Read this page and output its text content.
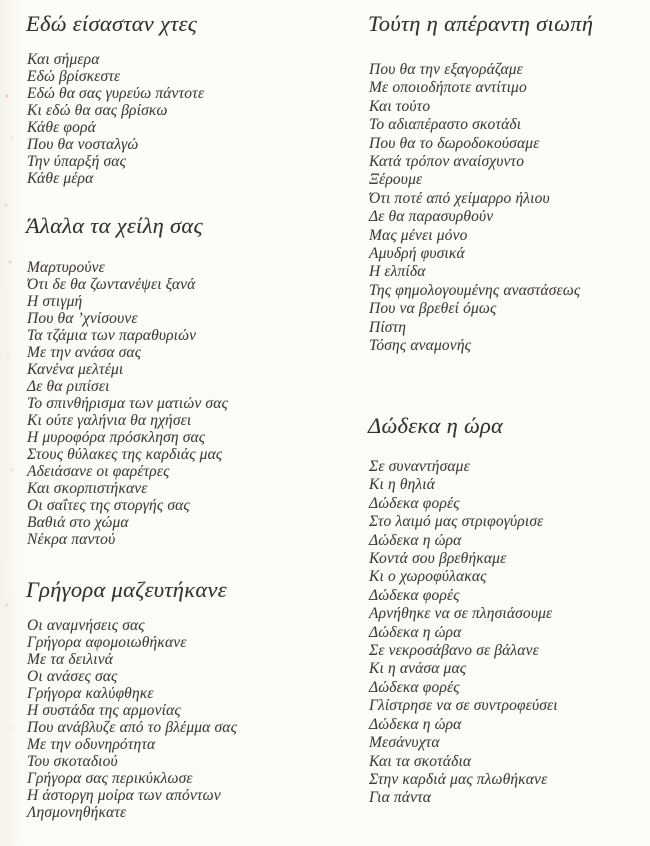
Εδώ είσασταν χτες
Και σήμερα
Εδώ βρίσκεστε
Εδώ θα σας γυρεύω πάντοτε
Κι εδώ θα σας βρίσκω
Κάθε φορά
Που θα νοσταλγώ
Την ύπαρξή σας
Κάθε μέρα
Άλαλα τα χείλη σας
Μαρτυρούνε
Ότι δε θα ζωντανέψει ξανά
Η στιγμή
Που θα ’χνίσουνε
Τα τζάμια των παραθυριών
Με την ανάσα σας
Κανένα μελτέμι
Δε θα ριπίσει
Το σπινθήρισμα των ματιών σας
Κι ούτε γαλήνια θα ηχήσει
Η μυροφόρα πρόσκληση σας
Στους θύλακες της καρδιάς μας
Αδειάσανε οι φαρέτρες
Και σκορπιστήκανε
Οι σαΐτες της στοργής σας
Βαθιά στο χώμα
Νέκρα παντού
Γρήγορα μαζευτήκανε
Οι αναμνήσεις σας
Γρήγορα αφομοιωθήκανε
Με τα δειλινά
Οι ανάσες σας
Γρήγορα καλύφθηκε
Η συστάδα της αρμονίας
Που ανάβλυζε από το βλέμμα σας
Με την οδυνηρότητα
Του σκοταδιού
Γρήγορα σας περικύκλωσε
Η άστοργη μοίρα των απόντων
Λησμονηθήκατε
Τούτη η απέραντη σιωπή
Που θα την εξαγοράζαμε
Με οποιοδήποτε αντίτιμο
Και τούτο
Το αδιαπέραστο σκοτάδι
Που θα το δωροδοκούσαμε
Κατά τρόπον αναίσχυντο
Ξέρουμε
Ότι ποτέ από χείμαρρο ήλιου
Δε θα παρασυρθούν
Μας μένει μόνο
Αμυδρή φυσικά
Η ελπίδα
Της φημολογουμένης αναστάσεως
Που να βρεθεί όμως
Πίστη
Τόσης αναμονής
Δώδεκα η ώρα
Σε συναντήσαμε
Κι η θηλιά
Δώδεκα φορές
Στο λαιμό μας στριφογύρισε
Δώδεκα η ώρα
Κοντά σου βρεθήκαμε
Κι ο χωροφύλακας
Δώδεκα φορές
Αρνήθηκε να σε πλησιάσουμε
Δώδεκα η ώρα
Σε νεκροσάβανο σε βάλανε
Κι η ανάσα μας
Δώδεκα φορές
Γλίστρησε να σε συντροφεύσει
Δώδεκα η ώρα
Μεσάνυχτα
Και τα σκοτάδια
Στην καρδιά μας πλωθήκανε
Για πάντα
